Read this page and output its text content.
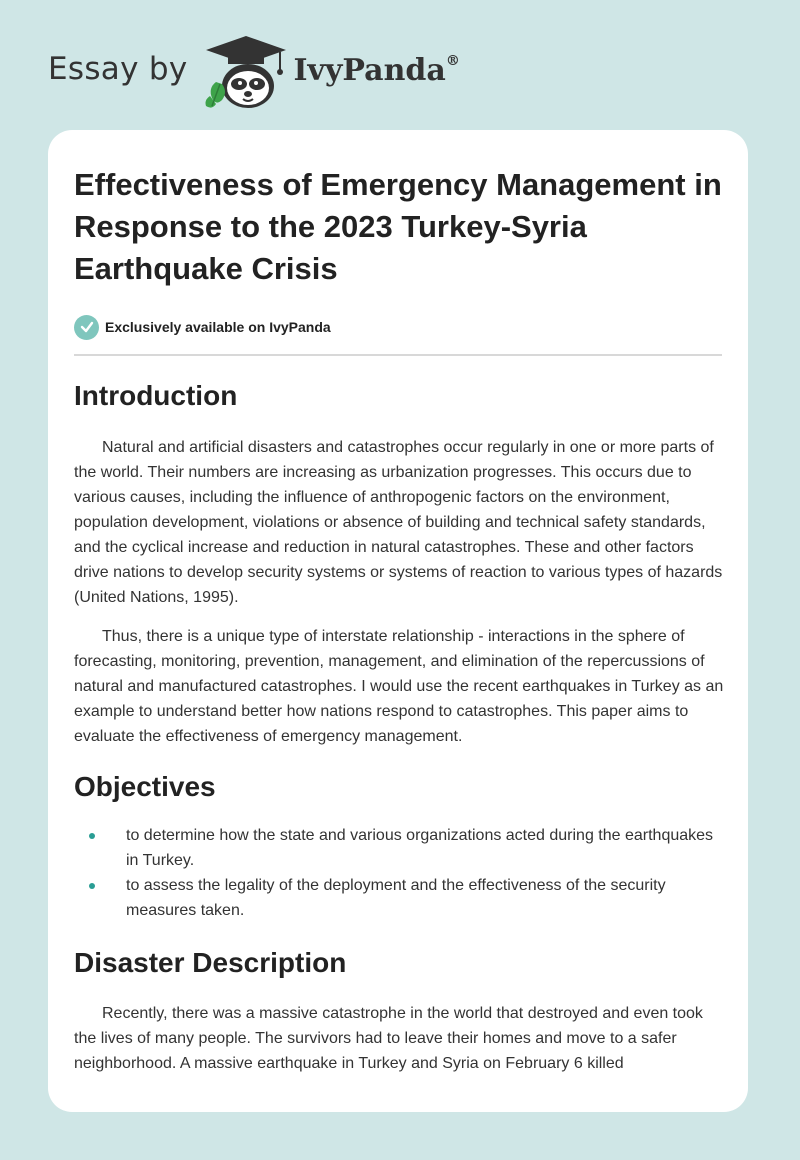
Essay by	IvyPanda®
Effectiveness of Emergency Management in Response to the 2023 Turkey-Syria Earthquake Crisis
Exclusively available on IvyPanda
Introduction

Natural and artificial disasters and catastrophes occur regularly in one or more parts of the world. Their numbers are increasing as urbanization progresses. This occurs due to various causes, including the influence of anthropogenic factors on the environment, population development, violations or absence of building and technical safety standards, and the cyclical increase and reduction in natural catastrophes. These and other factors drive nations to develop security systems or systems of reaction to various types of hazards (United Nations, 1995).

Thus, there is a unique type of interstate relationship - interactions in the sphere of forecasting, monitoring, prevention, management, and elimination of the repercussions of natural and manufactured catastrophes. I would use the recent earthquakes in Turkey as an example to understand better how nations respond to catastrophes. This paper aims to evaluate the effectiveness of emergency management.

Objectives
to determine how the state and various organizations acted during the earthquakes in Turkey.
to assess the legality of the deployment and the effectiveness of the security measures taken.
Disaster Description

Recently, there was a massive catastrophe in the world that destroyed and even took the lives of many people. The survivors had to leave their homes and move to a safer neighborhood. A massive earthquake in Turkey and Syria on February 6 killed
